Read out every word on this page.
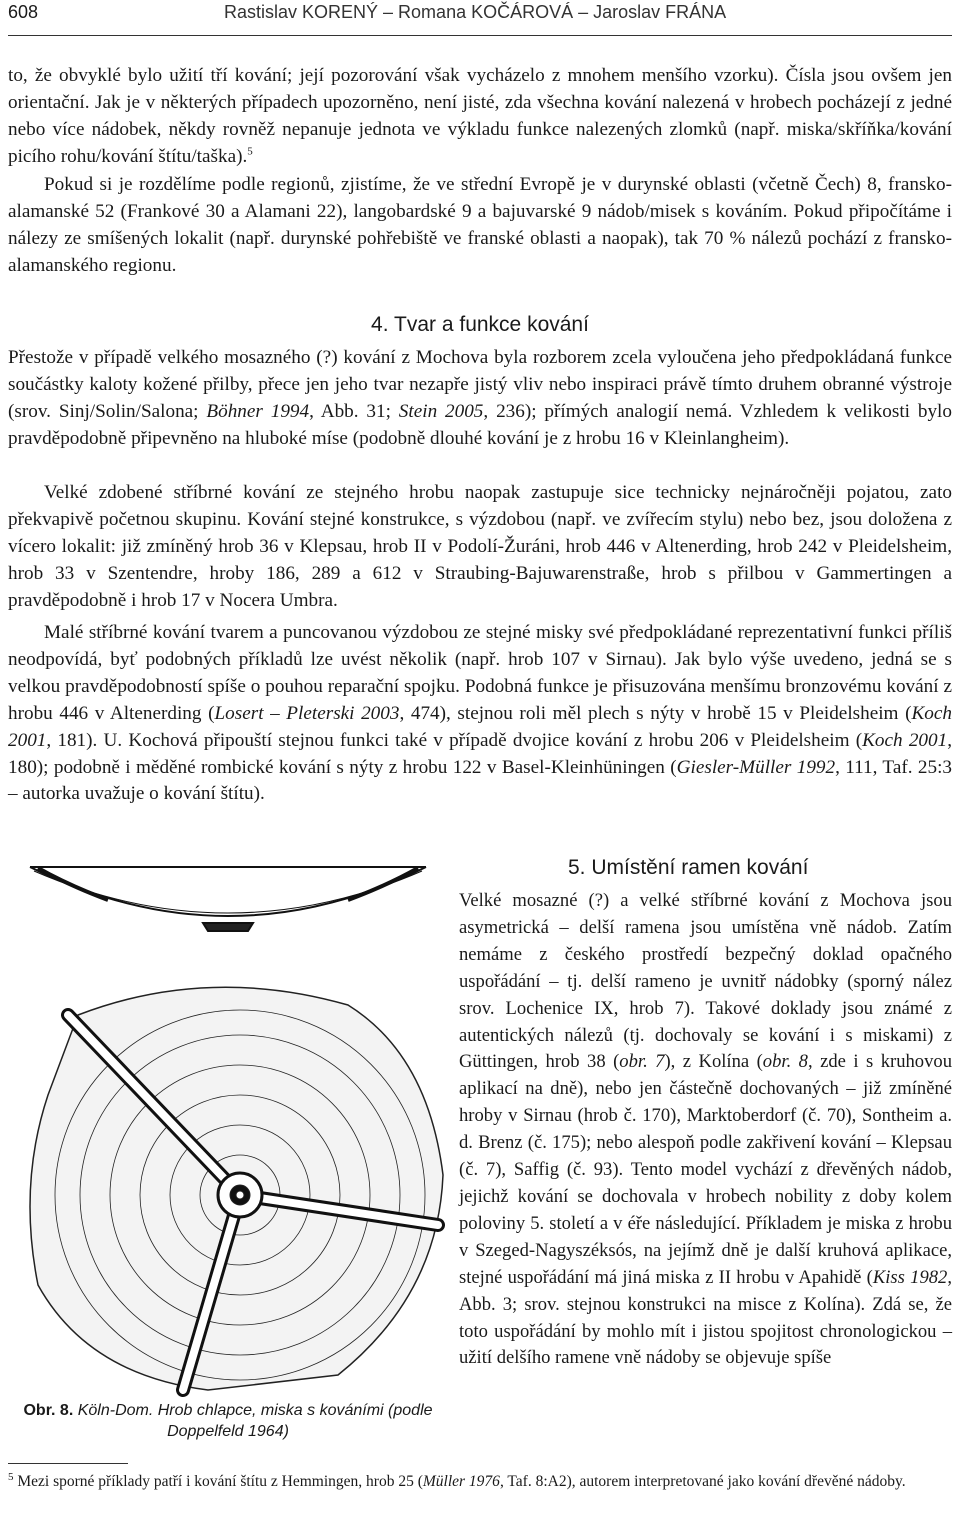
608	Rastislav KORENÝ – Romana KOČÁROVÁ – Jaroslav FRÁNA

to, že obvyklé bylo užití tří kování; její pozorování však vycházelo z mnohem menšího vzorku). Čísla jsou ovšem jen orientační. Jak je v některých případech upozorněno, není jisté, zda všechna kování nalezená v hrobech pocházejí z jedné nebo více nádobek, někdy rovněž nepanuje jednota ve výkladu funkce nalezených zlomků (např. miska/skříňka/kování picího rohu/kování štítu/taška).$^5$

Pokud si je rozdělíme podle regionů, zjistíme, že ve střední Evropě je v durynské oblasti (včetně Čech) 8, fransko-alamanské 52 (Frankové 30 a Alamani 22), langobardské 9 a bajuvarské 9 nádob/misek s kováním. Pokud připočítáme i nálezy ze smíšených lokalit (např. durynské pohřebiště ve franské oblasti a naopak), tak 70 % nálezů pochází z fransko-alamanského regionu.

4. Tvar a funkce kování

Přestože v případě velkého mosazného (?) kování z Mochova byla rozborem zcela vyloučena jeho předpokládaná funkce součástky kaloty kožené přilby, přece jen jeho tvar nezapře jistý vliv nebo inspiraci právě tímto druhem obranné výstroje (srov. Sinj/Solin/Salona; Böhner 1994, Abb. 31; Stein 2005, 236); přímých analogií nemá. Vzhledem k velikosti bylo pravděpodobně připevněno na hluboké míse (podobně dlouhé kování je z hrobu 16 v Kleinlangheim).

Velké zdobené stříbrné kování ze stejného hrobu naopak zastupuje sice technicky nejnáročněji pojatou, zato překvapivě početnou skupinu. Kování stejné konstrukce, s výzdobou (např. ve zvířecím stylu) nebo bez, jsou doložena z vícero lokalit: již zmíněný hrob 36 v Klepsau, hrob II v Podolí-Žuráni, hrob 446 v Altenerding, hrob 242 v Pleidelsheim, hrob 33 v Szentendre, hroby 186, 289 a 612 v Straubing-Bajuwarenstraße, hrob s přilbou v Gammertingen a pravděpodobně i hrob 17 v Nocera Umbra.

Malé stříbrné kování tvarem a puncovanou výzdobou ze stejné misky své předpokládané reprezentativní funkci příliš neodpovídá, byť podobných příkladů lze uvést několik (např. hrob 107 v Sirnau). Jak bylo výše uvedeno, jedná se s velkou pravděpodobností spíše o pouhou reparační spojku. Podobná funkce je přisuzována menšímu bronzovému kování z hrobu 446 v Altenerding (Losert – Pleterski 2003, 474), stejnou roli měl plech s nýty v hrobě 15 v Pleidelsheim (Koch 2001, 181). U. Kochová připouští stejnou funkci také v případě dvojice kování z hrobu 206 v Pleidelsheim (Koch 2001, 180); podobně i měděné rombické kování s nýty z hrobu 122 v Basel-Kleinhüningen (Giesler-Müller 1992, 111, Taf. 25:3 – autorka uvažuje o kování štítu).

Obr. 8. Köln-Dom. Hrob chlapce, miska s kováními (podle Doppelfeld 1964)
5. Umístění ramen kování
Velké mosazné (?) a velké stříbrné kování z Mochova jsou asymetrická – delší ramena jsou umístěna vně nádob. Zatím nemáme z českého prostředí bezpečný doklad opačného uspořádání – tj. delší rameno je uvnitř nádobky (sporný nález srov. Lochenice IX, hrob 7). Takové doklady jsou známé z autentických nálezů (tj. dochovaly se kování i s miskami) z Güttingen, hrob 38 (obr. 7), z Kolína (obr. 8, zde i s kruhovou aplikací na dně), nebo jen částečně dochovaných – již zmíněné hroby v Sirnau (hrob č. 170), Marktoberdorf (č. 70), Sontheim a. d. Brenz (č. 175); nebo alespoň podle zakřivení kování – Klepsau (č. 7), Saffig (č. 93). Tento model vychází z dřevěných nádob, jejichž kování se dochovala v hrobech nobility z doby kolem poloviny 5. století a v éře následující. Příkladem je miska z hrobu v Szeged-Nagyszéksós, na jejímž dně je další kruhová aplikace, stejné uspořádání má jiná miska z II hrobu v Apahidě (Kiss 1982, Abb. 3; srov. stejnou konstrukci na misce z Kolína). Zdá se, že toto uspořádání by mohlo mít i jistou spojitost chronologickou – užití delšího ramene vně nádoby se objevuje spíše
$^5$ Mezi sporné příklady patří i kování štítu z Hemmingen, hrob 25 (Müller 1976, Taf. 8:A2), autorem interpretované jako kování dřevěné nádoby.
